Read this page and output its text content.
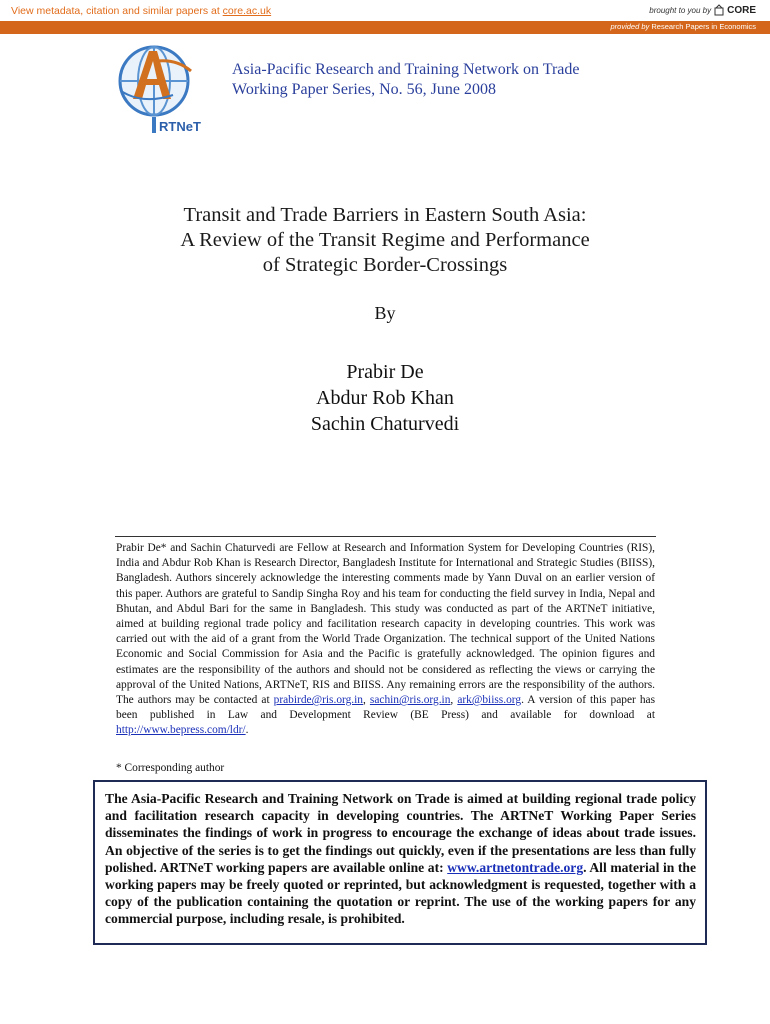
View metadata, citation and similar papers at core.ac.uk	brought to you by CORE
provided by Research Papers in Economics
RTNeT
Asia-Pacific Research and Training Network on Trade
Working Paper Series, No. 56, June 2008
Transit and Trade Barriers in Eastern South Asia:
A Review of the Transit Regime and Performance
of Strategic Border-Crossings
By
Prabir De
Abdur Rob Khan
Sachin Chaturvedi
Prabir De* and Sachin Chaturvedi are Fellow at Research and Information System for Developing Countries (RIS), India and Abdur Rob Khan is Research Director, Bangladesh Institute for International and Strategic Studies (BIISS), Bangladesh. Authors sincerely acknowledge the interesting comments made by Yann Duval on an earlier version of this paper. Authors are grateful to Sandip Singha Roy and his team for conducting the field survey in India, Nepal and Bhutan, and Abdul Bari for the same in Bangladesh. This study was conducted as part of the ARTNeT initiative, aimed at building regional trade policy and facilitation research capacity in developing countries. This work was carried out with the aid of a grant from the World Trade Organization. The technical support of the United Nations Economic and Social Commission for Asia and the Pacific is gratefully acknowledged. The opinion figures and estimates are the responsibility of the authors and should not be considered as reflecting the views or carrying the approval of the United Nations, ARTNeT, RIS and BIISS. Any remaining errors are the responsibility of the authors. The authors may be contacted at prabirde@ris.org.in, sachin@ris.org.in, ark@biiss.org. A version of this paper has been published in Law and Development Review (BE Press) and available for download at http://www.bepress.com/ldr/.
* Corresponding author

The Asia-Pacific Research and Training Network on Trade is aimed at building regional trade policy and facilitation research capacity in developing countries. The ARTNeT Working Paper Series disseminates the findings of work in progress to encourage the exchange of ideas about trade issues. An objective of the series is to get the findings out quickly, even if the presentations are less than fully polished. ARTNeT working papers are available online at: www.artnetontrade.org. All material in the working papers may be freely quoted or reprinted, but acknowledgment is requested, together with a copy of the publication containing the quotation or reprint. The use of the working papers for any commercial purpose, including resale, is prohibited.
